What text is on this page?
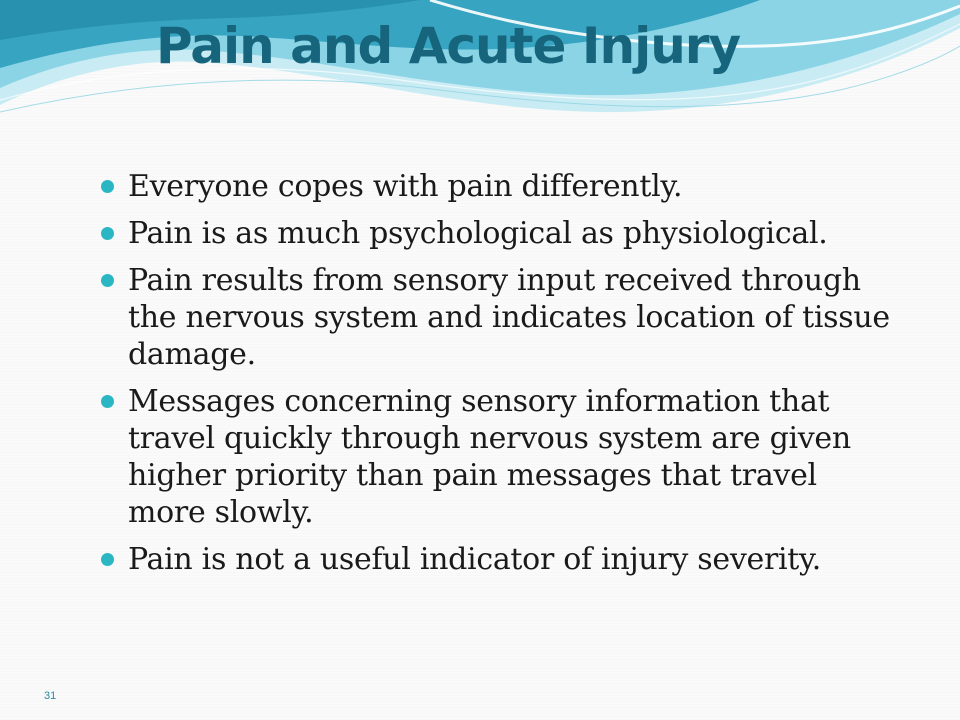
Pain and Acute Injury
Everyone copes with pain differently.
Pain is as much psychological as physiological.
Pain results from sensory input received through the nervous system and indicates location of tissue damage.
Messages concerning sensory information that travel quickly through nervous system are given higher priority than pain messages that travel more slowly.
Pain is not a useful indicator of injury severity.
31
